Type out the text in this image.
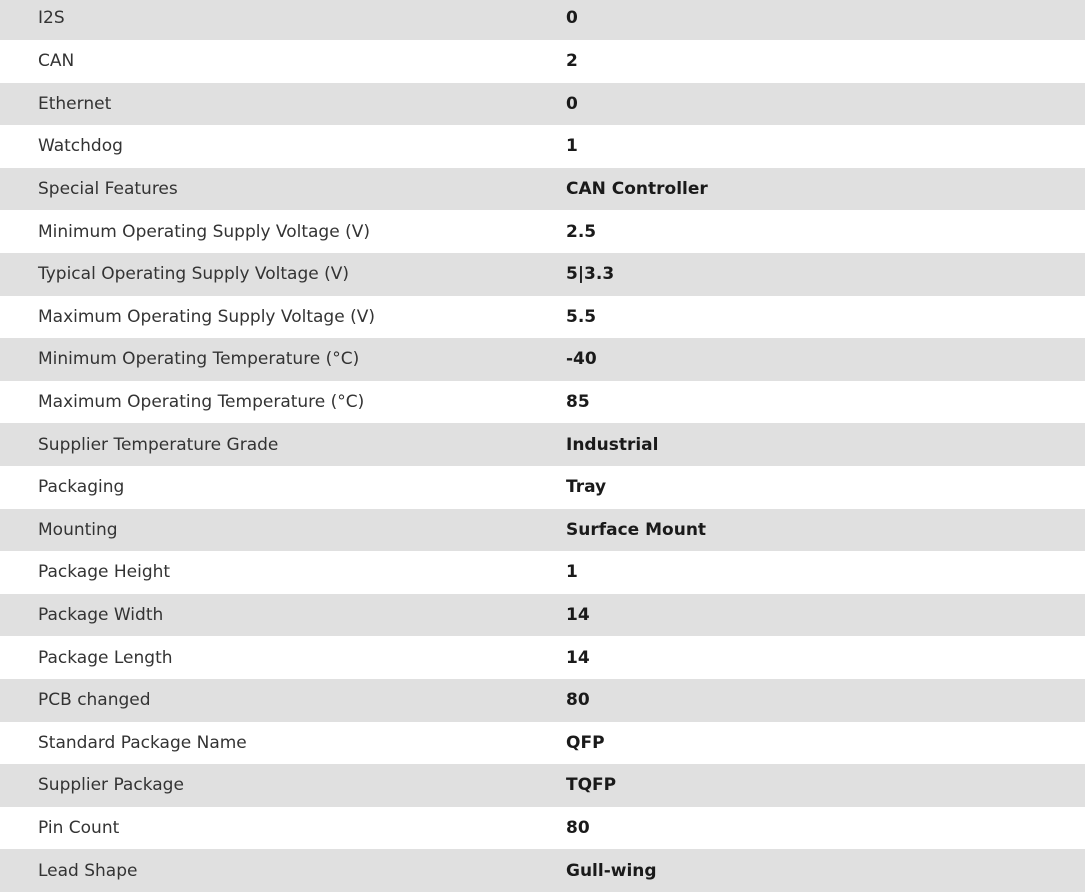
I2S	0
CAN	2
Ethernet	0
Watchdog	1
Special Features	CAN Controller
Minimum Operating Supply Voltage (V)	2.5
Typical Operating Supply Voltage (V)	5|3.3
Maximum Operating Supply Voltage (V)	5.5
Minimum Operating Temperature (°C)	-40
Maximum Operating Temperature (°C)	85
Supplier Temperature Grade	Industrial
Packaging	Tray
Mounting	Surface Mount
Package Height	1
Package Width	14
Package Length	14
PCB changed	80
Standard Package Name	QFP
Supplier Package	TQFP
Pin Count	80
Lead Shape	Gull-wing
